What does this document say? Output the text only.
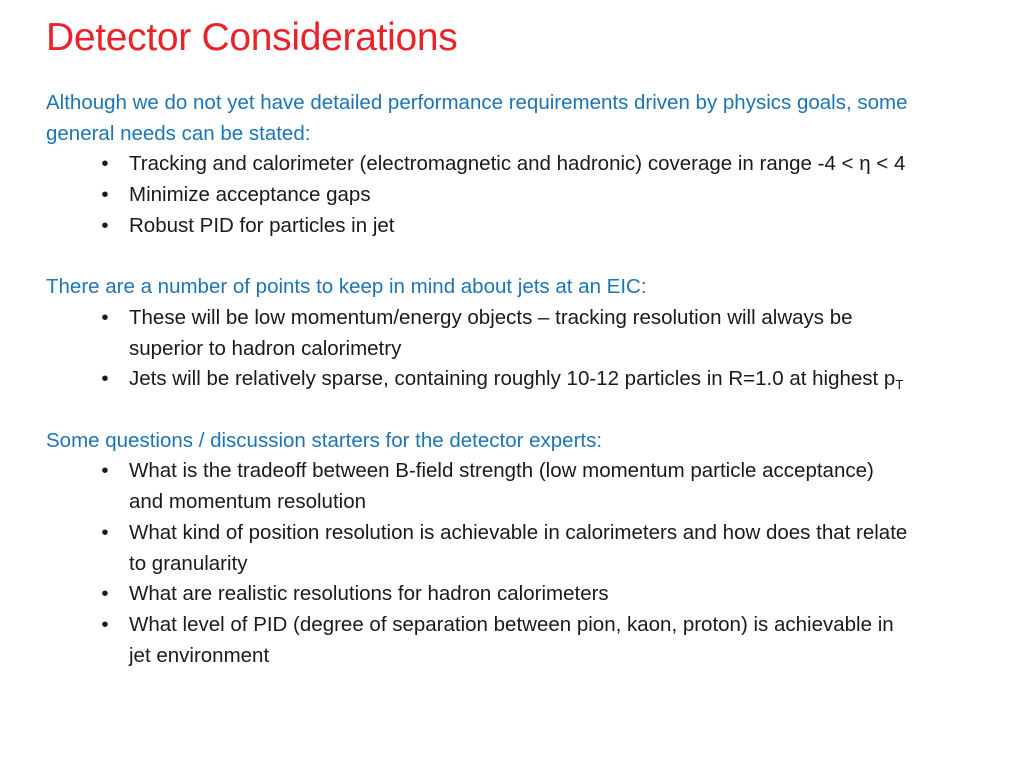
Detector Considerations

Although we do not yet have detailed performance requirements driven by physics goals, some general needs can be stated:

• Tracking and calorimeter (electromagnetic and hadronic) coverage in range -4 < η < 4
• Minimize acceptance gaps
• Robust PID for particles in jet

There are a number of points to keep in mind about jets at an EIC:

• These will be low momentum/energy objects – tracking resolution will always be superior to hadron calorimetry
• Jets will be relatively sparse, containing roughly 10-12 particles in R=1.0 at highest $p_T$

Some questions / discussion starters for the detector experts:

• What is the tradeoff between B-field strength (low momentum particle acceptance) and momentum resolution
• What kind of position resolution is achievable in calorimeters and how does that relate to granularity
• What are realistic resolutions for hadron calorimeters
• What level of PID (degree of separation between pion, kaon, proton) is achievable in jet environment
